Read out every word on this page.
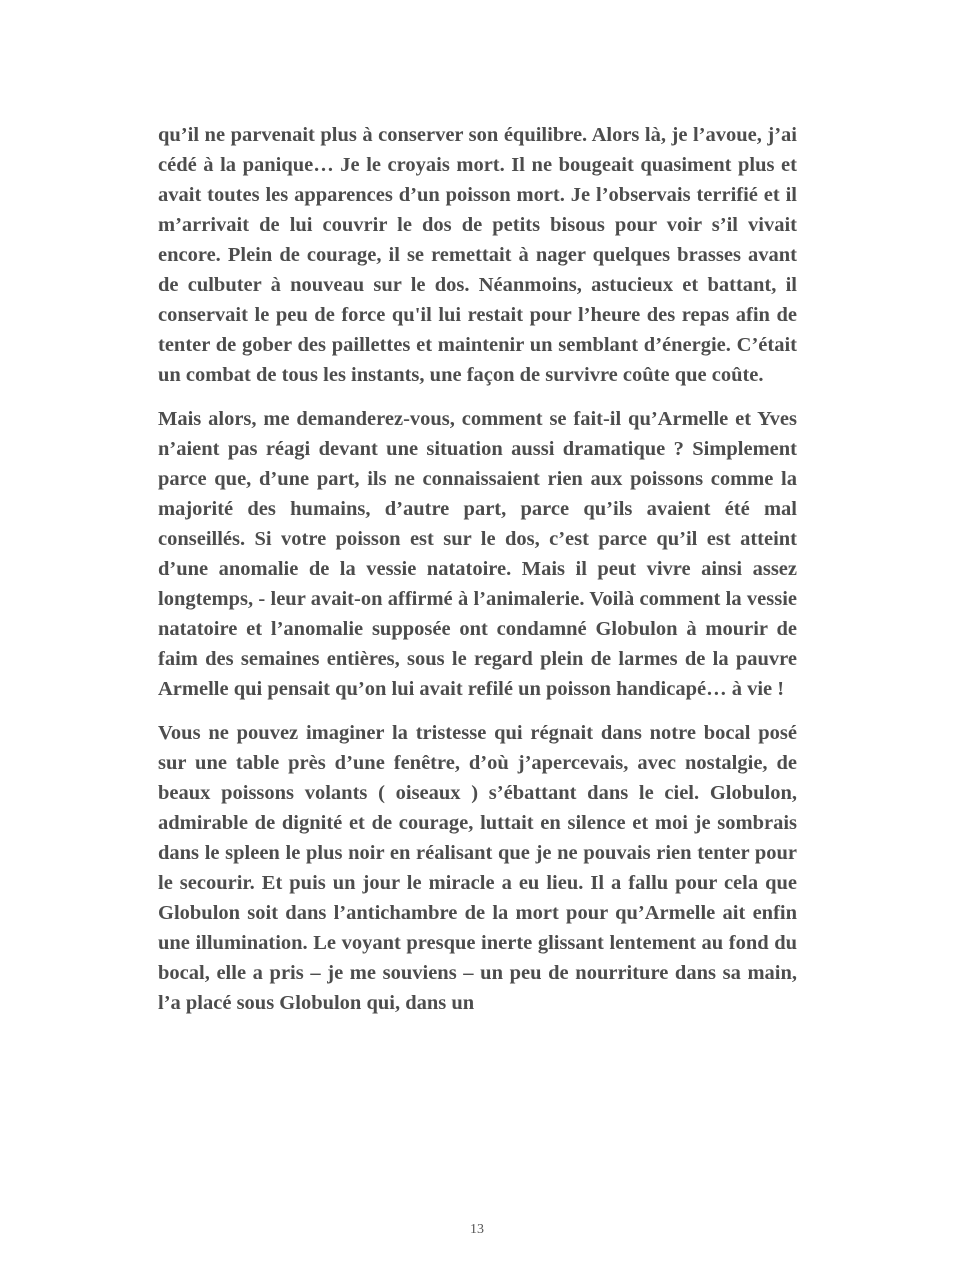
qu’il ne parvenait plus à conserver son équilibre. Alors là, je l’avoue, j’ai cédé à la panique… Je le croyais mort. Il ne bougeait quasiment plus et avait toutes les apparences d’un poisson mort. Je l’observais terrifié et il m’arrivait de lui couvrir le dos de petits bisous pour voir s’il vivait encore. Plein de courage, il se remettait à nager quelques brasses avant de culbuter à nouveau sur le dos. Néanmoins, astucieux et battant, il conservait le peu de force qu'il lui restait pour l’heure des repas afin de tenter de gober des paillettes et maintenir un semblant d’énergie. C’était un combat de tous les instants, une façon de survivre coûte que coûte.

Mais alors, me demanderez-vous, comment se fait-il qu’Armelle et Yves n’aient pas réagi devant une situation aussi dramatique ? Simplement parce que, d’une part, ils ne connaissaient rien aux poissons comme la majorité des humains, d’autre part, parce qu’ils avaient été mal conseillés. Si votre poisson est sur le dos, c’est parce qu’il est atteint d’une anomalie de la vessie natatoire. Mais il peut vivre ainsi assez longtemps, - leur avait-on affirmé à l’animalerie. Voilà comment la vessie natatoire et l’anomalie supposée ont condamné Globulon à mourir de faim des semaines entières, sous le regard plein de larmes de la pauvre Armelle qui pensait qu’on lui avait refilé un poisson handicapé… à vie !

Vous ne pouvez imaginer la tristesse qui régnait dans notre bocal posé sur une table près d’une fenêtre, d’où j’apercevais, avec nostalgie, de beaux poissons volants ( oiseaux ) s’ébattant dans le ciel. Globulon, admirable de dignité et de courage, luttait en silence et moi je sombrais dans le spleen le plus noir en réalisant que je ne pouvais rien tenter pour le secourir. Et puis un jour le miracle a eu lieu. Il a fallu pour cela que Globulon soit dans l’antichambre de la mort pour qu’Armelle ait enfin une illumination. Le voyant presque inerte glissant lentement au fond du bocal, elle a pris – je me souviens – un peu de nourriture dans sa main, l’a placé sous Globulon qui, dans un

13
